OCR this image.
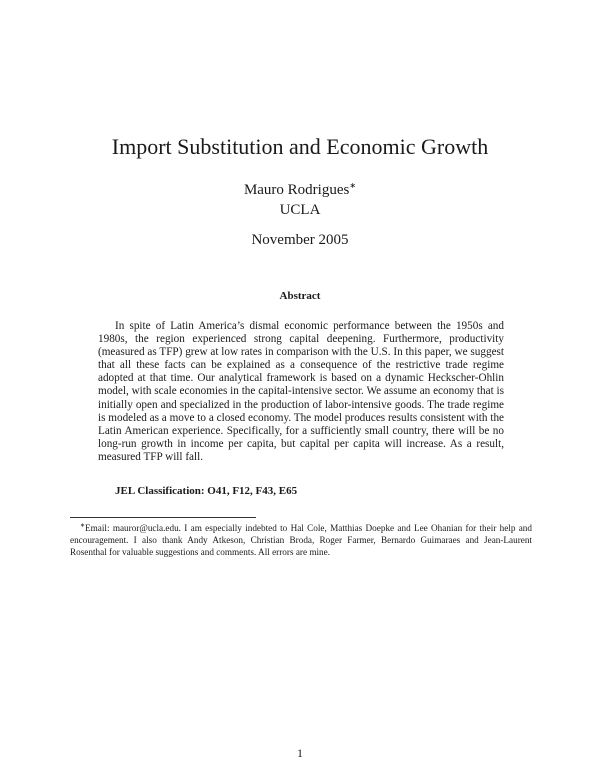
Import Substitution and Economic Growth
Mauro Rodrigues∗
UCLA
November 2005
Abstract

In spite of Latin America’s dismal economic performance between the 1950s and 1980s, the region experienced strong capital deepening. Furthermore, productivity (measured as TFP) grew at low rates in comparison with the U.S. In this paper, we suggest that all these facts can be explained as a consequence of the restrictive trade regime adopted at that time. Our analytical framework is based on a dynamic Heckscher-Ohlin model, with scale economies in the capital-intensive sector. We assume an economy that is initially open and specialized in the production of labor-intensive goods. The trade regime is modeled as a move to a closed economy. The model produces results consistent with the Latin American experience. Specifically, for a sufficiently small country, there will be no long-run growth in income per capita, but capital per capita will increase. As a result, measured TFP will fall.

JEL Classification: O41, F12, F43, E65

∗Email: mauror@ucla.edu. I am especially indebted to Hal Cole, Matthias Doepke and Lee Ohanian for their help and encouragement. I also thank Andy Atkeson, Christian Broda, Roger Farmer, Bernardo Guimaraes and Jean-Laurent Rosenthal for valuable suggestions and comments. All errors are mine.

1
